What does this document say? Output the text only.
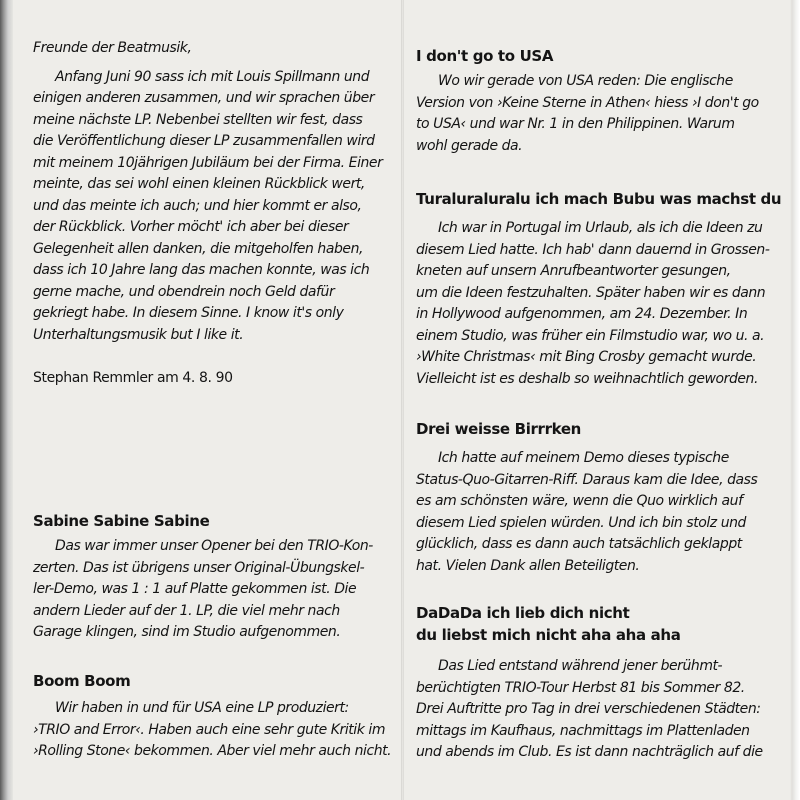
Freunde der Beatmusik,

Anfang Juni 90 sass ich mit Louis Spillmann und
einigen anderen zusammen, und wir sprachen über
meine nächste LP. Nebenbei stellten wir fest, dass
die Veröffentlichung dieser LP zusammenfallen wird
mit meinem 10jährigen Jubiläum bei der Firma. Einer
meinte, das sei wohl einen kleinen Rückblick wert,
und das meinte ich auch; und hier kommt er also,
der Rückblick. Vorher möcht' ich aber bei dieser
Gelegenheit allen danken, die mitgeholfen haben,
dass ich 10 Jahre lang das machen konnte, was ich
gerne mache, und obendrein noch Geld dafür
gekriegt habe. In diesem Sinne. I know it's only
Unterhaltungsmusik but I like it.

Stephan Remmler am 4. 8. 90

Sabine Sabine Sabine

Das war immer unser Opener bei den TRIO-Kon-
zerten. Das ist übrigens unser Original-Übungskel-
ler-Demo, was 1 : 1 auf Platte gekommen ist. Die
andern Lieder auf der 1. LP, die viel mehr nach
Garage klingen, sind im Studio aufgenommen.

Boom Boom

Wir haben in und für USA eine LP produziert:
›TRIO and Error‹. Haben auch eine sehr gute Kritik im
›Rolling Stone‹ bekommen. Aber viel mehr auch nicht.

I don't go to USA

Wo wir gerade von USA reden: Die englische
Version von ›Keine Sterne in Athen‹ hiess ›I don't go
to USA‹ und war Nr. 1 in den Philippinen. Warum
wohl gerade da.

Turaluraluralu ich mach Bubu was machst du

Ich war in Portugal im Urlaub, als ich die Ideen zu
diesem Lied hatte. Ich hab' dann dauernd in Grossen-
kneten auf unsern Anrufbeantworter gesungen,
um die Ideen festzuhalten. Später haben wir es dann
in Hollywood aufgenommen, am 24. Dezember. In
einem Studio, was früher ein Filmstudio war, wo u. a.
›White Christmas‹ mit Bing Crosby gemacht wurde.
Vielleicht ist es deshalb so weihnachtlich geworden.

Drei weisse Birrrken

Ich hatte auf meinem Demo dieses typische
Status-Quo-Gitarren-Riff. Daraus kam die Idee, dass
es am schönsten wäre, wenn die Quo wirklich auf
diesem Lied spielen würden. Und ich bin stolz und
glücklich, dass es dann auch tatsächlich geklappt
hat. Vielen Dank allen Beteiligten.

DaDaDa ich lieb dich nicht
du liebst mich nicht aha aha aha

Das Lied entstand während jener berühmt-
berüchtigten TRIO-Tour Herbst 81 bis Sommer 82.
Drei Auftritte pro Tag in drei verschiedenen Städten:
mittags im Kaufhaus, nachmittags im Plattenladen
und abends im Club. Es ist dann nachträglich auf die
